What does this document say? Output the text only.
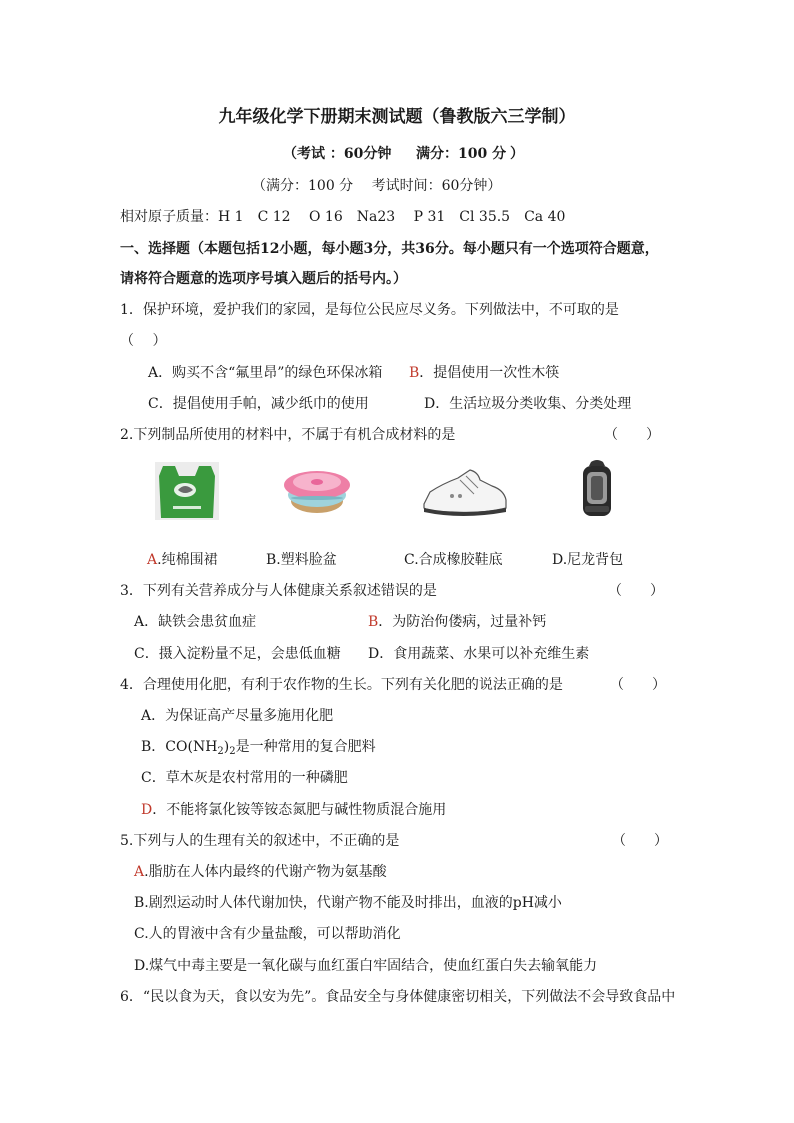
九年级化学下册期末测试题（鲁教版六三学制）
（考试 ：60分钟 满分：100 分 ）
（满分：100 分　 考试时间：60分钟）
相对原子质量：H 1　C 12　 O 16　Na23　 P 31　Cl 35.5　Ca 40
一、选择题（本题包括12小题，每小题3分，共36分。每小题只有一个选项符合题意，
请将符合题意的选项序号填入题后的括号内。）
1．保护环境，爱护我们的家园，是每位公民应尽义务。下列做法中，不可取的是
（　 ）
A．购买不含“氟里昂”的绿色环保冰箱 B．提倡使用一次性木筷
C．提倡使用手帕，减少纸巾的使用	D．生活垃圾分类收集、分类处理
2.下列制品所使用的材料中，不属于有机合成材料的是	（　　）
A.纯棉围裙	B.塑料脸盆	C.合成橡胶鞋底	D.尼龙背包
3．下列有关营养成分与人体健康关系叙述错误的是	（　　）
A．缺铁会患贫血症	B．为防治佝偻病，过量补钙
C．摄入淀粉量不足，会患低血糖 D．食用蔬菜、水果可以补充维生素
4．合理使用化肥，有利于农作物的生长。下列有关化肥的说法正确的是	（　　）
A．为保证高产尽量多施用化肥
B．$CO(NH_2)_2$是一种常用的复合肥料
C．草木灰是农村常用的一种磷肥
D．不能将氯化铵等铵态氮肥与碱性物质混合施用
5.下列与人的生理有关的叙述中，不正确的是	（　　）
A.脂肪在人体内最终的代谢产物为氨基酸
B.剧烈运动时人体代谢加快，代谢产物不能及时排出，血液的pH减小
C.人的胃液中含有少量盐酸，可以帮助消化
D.煤气中毒主要是一氧化碳与血红蛋白牢固结合，使血红蛋白失去输氧能力
6．“民以食为天，食以安为先”。食品安全与身体健康密切相关，下列做法不会导致食品中
